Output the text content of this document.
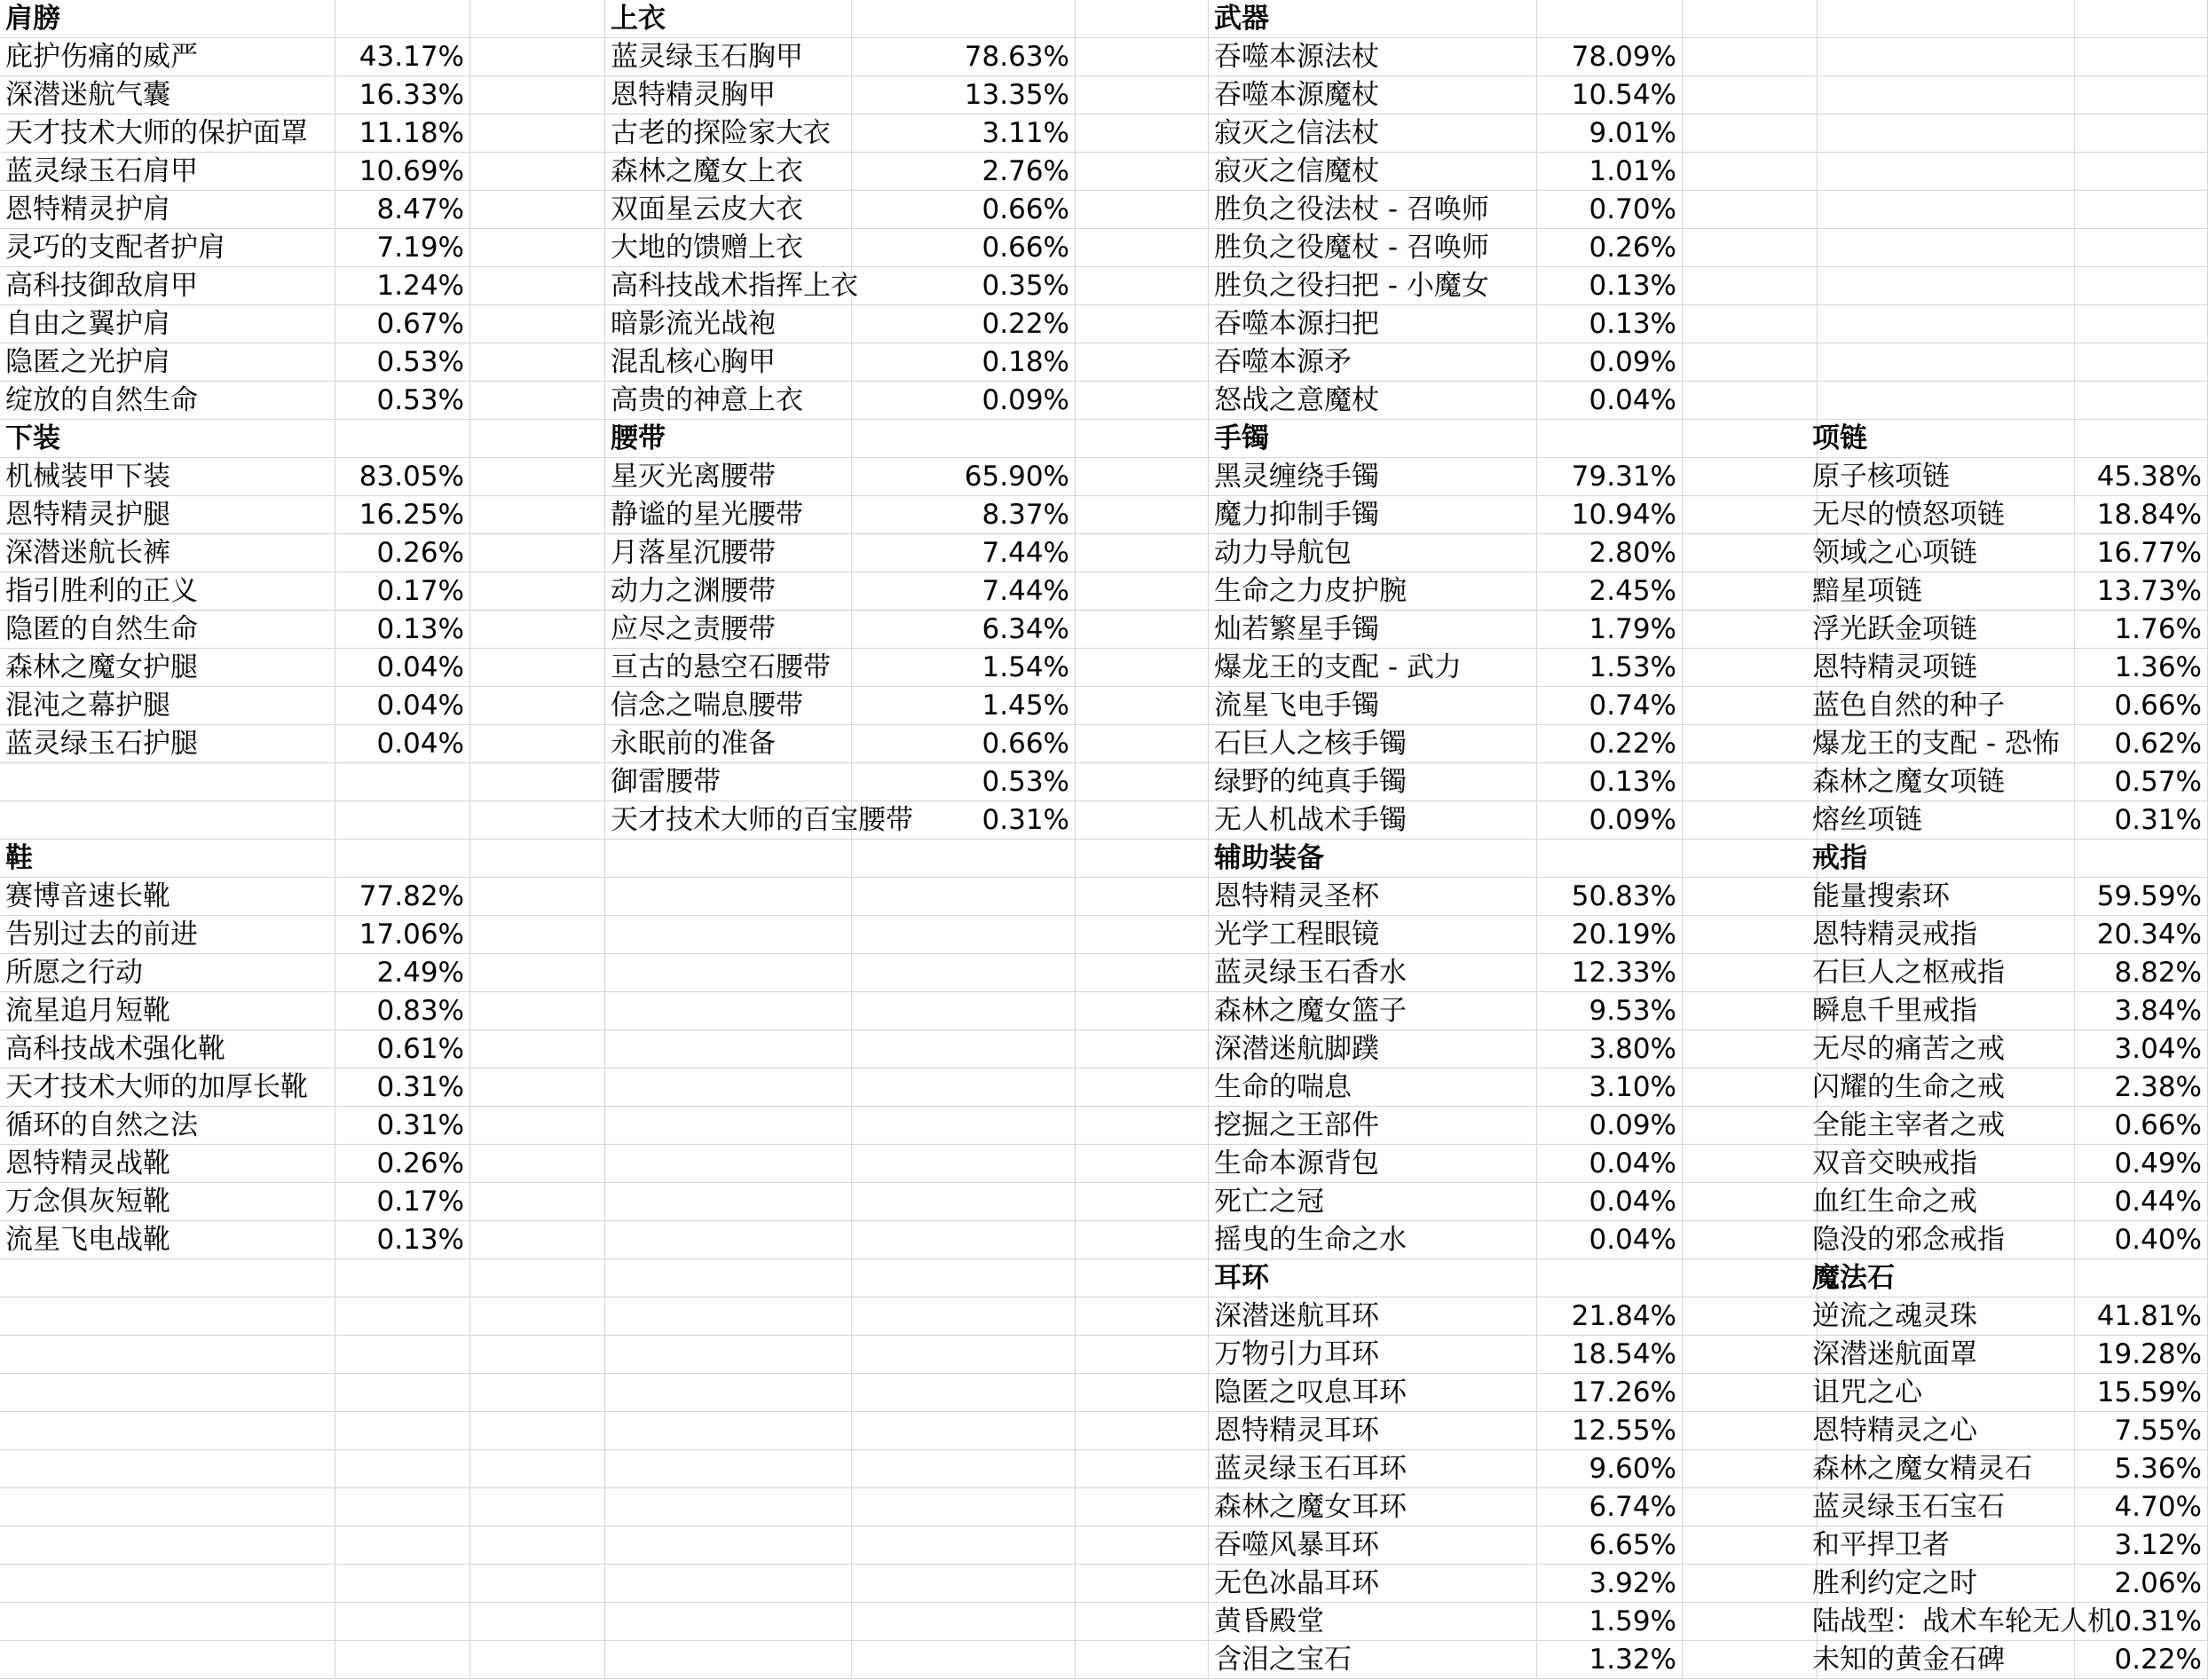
肩膀
庇护伤痛的威严	43.17%
深潜迷航气囊	16.33%
天才技术大师的保护面罩	11.18%
蓝灵绿玉石肩甲	10.69%
恩特精灵护肩	8.47%
灵巧的支配者护肩	7.19%
高科技御敌肩甲	1.24%
自由之翼护肩	0.67%
隐匿之光护肩	0.53%
绽放的自然生命	0.53%
下装
机械装甲下装	83.05%
恩特精灵护腿	16.25%
深潜迷航长裤	0.26%
指引胜利的正义	0.17%
隐匿的自然生命	0.13%
森林之魔女护腿	0.04%
混沌之幕护腿	0.04%
蓝灵绿玉石护腿	0.04%
鞋
赛博音速长靴	77.82%
告别过去的前进	17.06%
所愿之行动	2.49%
流星追月短靴	0.83%
高科技战术强化靴	0.61%
天才技术大师的加厚长靴	0.31%
循环的自然之法	0.31%
恩特精灵战靴	0.26%
万念俱灰短靴	0.17%
流星飞电战靴	0.13%
上衣
蓝灵绿玉石胸甲	78.63%
恩特精灵胸甲	13.35%
古老的探险家大衣	3.11%
森林之魔女上衣	2.76%
双面星云皮大衣	0.66%
大地的馈赠上衣	0.66%
高科技战术指挥上衣	0.35%
暗影流光战袍	0.22%
混乱核心胸甲	0.18%
高贵的神意上衣	0.09%
腰带
星灭光离腰带	65.90%
静谧的星光腰带	8.37%
月落星沉腰带	7.44%
动力之渊腰带	7.44%
应尽之责腰带	6.34%
亘古的悬空石腰带	1.54%
信念之喘息腰带	1.45%
永眠前的准备	0.66%
御雷腰带	0.53%
天才技术大师的百宝腰带	0.31%
武器
吞噬本源法杖	78.09%
吞噬本源魔杖	10.54%
寂灭之信法杖	9.01%
寂灭之信魔杖	1.01%
胜负之役法杖 - 召唤师	0.70%
胜负之役魔杖 - 召唤师	0.26%
胜负之役扫把 - 小魔女	0.13%
吞噬本源扫把	0.13%
吞噬本源矛	0.09%
怒战之意魔杖	0.04%
手镯
黑灵缠绕手镯	79.31%
魔力抑制手镯	10.94%
动力导航包	2.80%
生命之力皮护腕	2.45%
灿若繁星手镯	1.79%
爆龙王的支配 - 武力	1.53%
流星飞电手镯	0.74%
石巨人之核手镯	0.22%
绿野的纯真手镯	0.13%
无人机战术手镯	0.09%
辅助装备
恩特精灵圣杯	50.83%
光学工程眼镜	20.19%
蓝灵绿玉石香水	12.33%
森林之魔女篮子	9.53%
深潜迷航脚蹼	3.80%
生命的喘息	3.10%
挖掘之王部件	0.09%
生命本源背包	0.04%
死亡之冠	0.04%
摇曳的生命之水	0.04%
耳环
深潜迷航耳环	21.84%
万物引力耳环	18.54%
隐匿之叹息耳环	17.26%
恩特精灵耳环	12.55%
蓝灵绿玉石耳环	9.60%
森林之魔女耳环	6.74%
吞噬风暴耳环	6.65%
无色冰晶耳环	3.92%
黄昏殿堂	1.59%
含泪之宝石	1.32%
项链
原子核项链	45.38%
无尽的愤怒项链	18.84%
领域之心项链	16.77%
黯星项链	13.73%
浮光跃金项链	1.76%
恩特精灵项链	1.36%
蓝色自然的种子	0.66%
爆龙王的支配 - 恐怖	0.62%
森林之魔女项链	0.57%
熔丝项链	0.31%
戒指
能量搜索环	59.59%
恩特精灵戒指	20.34%
石巨人之枢戒指	8.82%
瞬息千里戒指	3.84%
无尽的痛苦之戒	3.04%
闪耀的生命之戒	2.38%
全能主宰者之戒	0.66%
双音交映戒指	0.49%
血红生命之戒	0.44%
隐没的邪念戒指	0.40%
魔法石
逆流之魂灵珠	41.81%
深潜迷航面罩	19.28%
诅咒之心	15.59%
恩特精灵之心	7.55%
森林之魔女精灵石	5.36%
蓝灵绿玉石宝石	4.70%
和平捍卫者	3.12%
胜利约定之时	2.06%
陆战型：战术车轮无人机 0.31%
未知的黄金石碑	0.22%
